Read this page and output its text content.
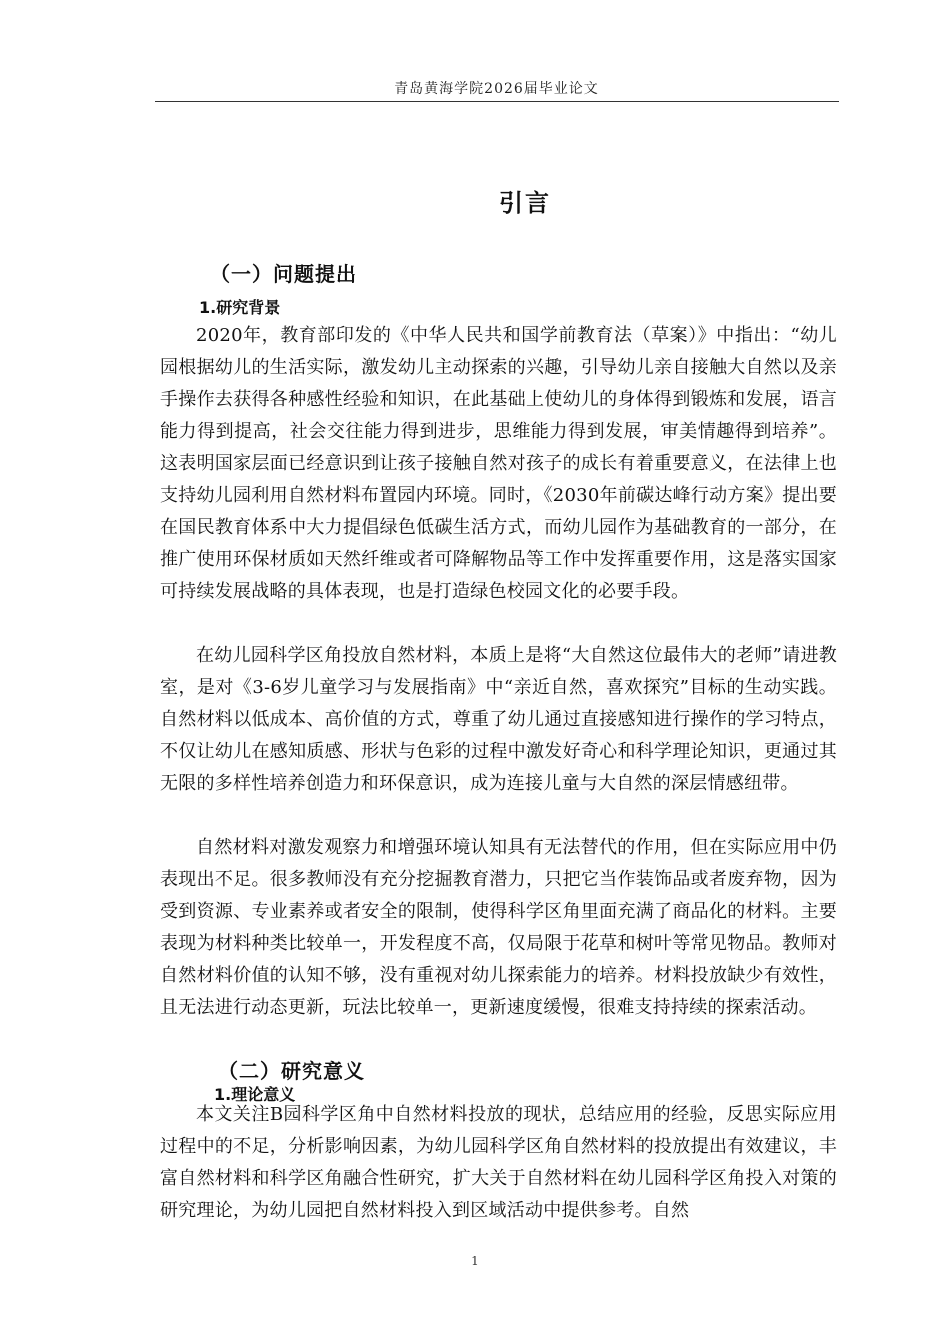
青岛黄海学院2026届毕业论文
引言
（一）问题提出
1.研究背景

2020年，教育部印发的《中华人民共和国学前教育法（草案）》中指出：“幼儿园根据幼儿的生活实际，激发幼儿主动探索的兴趣，引导幼儿亲自接触大自然以及亲手操作去获得各种感性经验和知识，在此基础上使幼儿的身体得到锻炼和发展，语言能力得到提高，社会交往能力得到进步，思维能力得到发展，审美情趣得到培养”。这表明国家层面已经意识到让孩子接触自然对孩子的成长有着重要意义，在法律上也支持幼儿园利用自然材料布置园内环境。同时，《2030年前碳达峰行动方案》提出要在国民教育体系中大力提倡绿色低碳生活方式，而幼儿园作为基础教育的一部分，在推广使用环保材质如天然纤维或者可降解物品等工作中发挥重要作用，这是落实国家可持续发展战略的具体表现，也是打造绿色校园文化的必要手段。

在幼儿园科学区角投放自然材料，本质上是将“大自然这位最伟大的老师”请进教室，是对《3-6岁儿童学习与发展指南》中“亲近自然，喜欢探究”目标的生动实践。自然材料以低成本、高价值的方式，尊重了幼儿通过直接感知进行操作的学习特点，不仅让幼儿在感知质感、形状与色彩的过程中激发好奇心和科学理论知识，更通过其无限的多样性培养创造力和环保意识，成为连接儿童与大自然的深层情感纽带。

自然材料对激发观察力和增强环境认知具有无法替代的作用，但在实际应用中仍表现出不足。很多教师没有充分挖掘教育潜力，只把它当作装饰品或者废弃物，因为受到资源、专业素养或者安全的限制，使得科学区角里面充满了商品化的材料。主要表现为材料种类比较单一，开发程度不高，仅局限于花草和树叶等常见物品。教师对自然材料价值的认知不够，没有重视对幼儿探索能力的培养。材料投放缺少有效性，且无法进行动态更新，玩法比较单一，更新速度缓慢，很难支持持续的探索活动。

（二）研究意义
1.理论意义

本文关注B园科学区角中自然材料投放的现状，总结应用的经验，反思实际应用过程中的不足，分析影响因素，为幼儿园科学区角自然材料的投放提出有效建议，丰富自然材料和科学区角融合性研究，扩大关于自然材料在幼儿园科学区角投入对策的研究理论，为幼儿园把自然材料投入到区域活动中提供参考。自然

1
